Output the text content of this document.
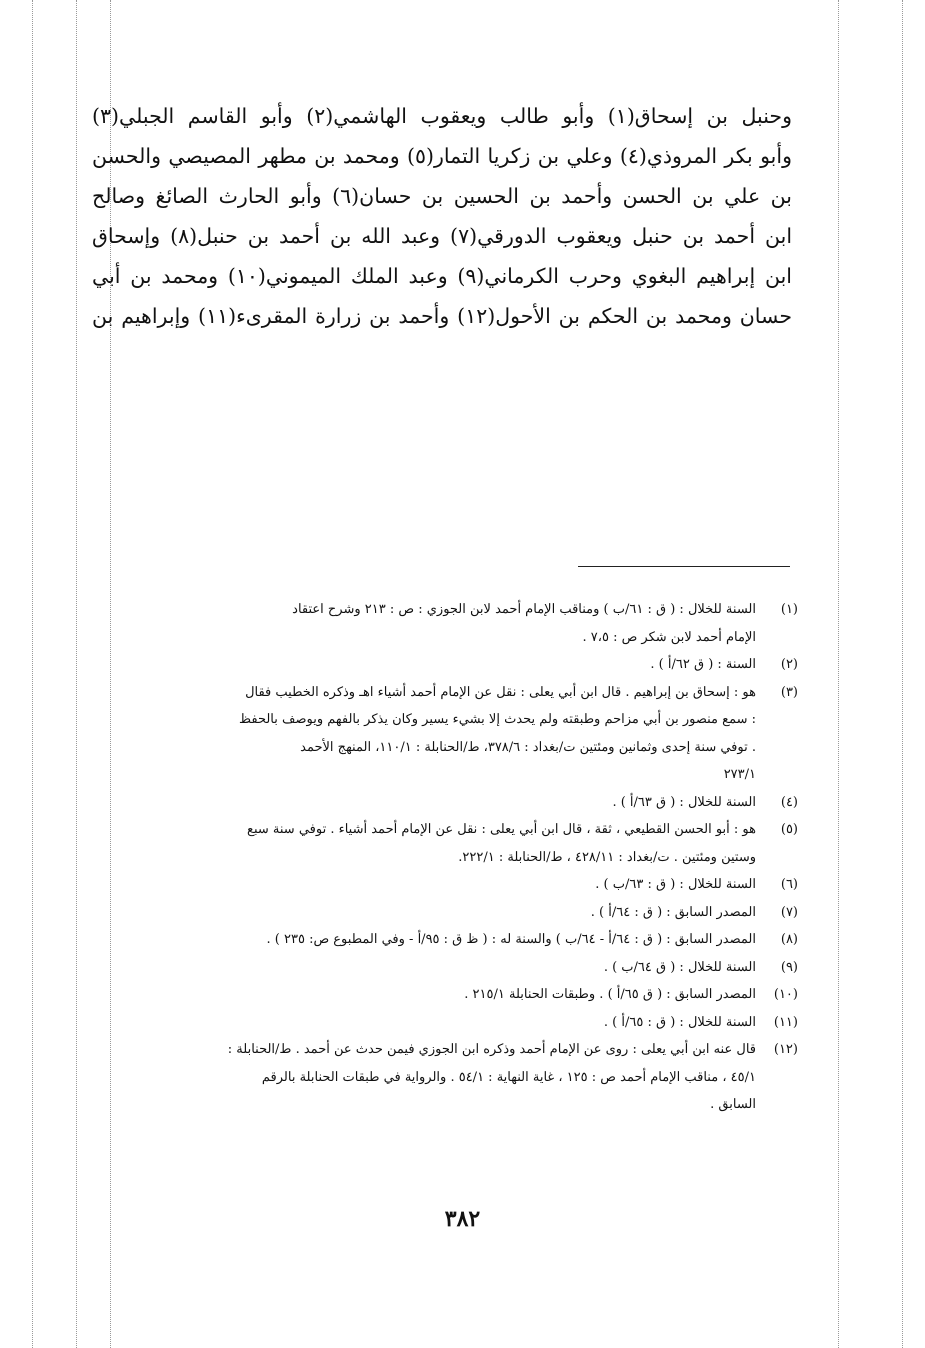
وحنبل بن إسحاق(١) وأبو طالب ويعقوب الهاشمي(٢) وأبو القاسم الجبلي(٣)
وأبو بكر المروذي(٤) وعلي بن زكريا التمار(٥) ومحمد بن مطهر المصيصي والحسن
بن علي بن الحسن وأحمد بن الحسين بن حسان(٦) وأبو الحارث الصائغ وصالح
ابن أحمد بن حنبل ويعقوب الدورقي(٧) وعبد الله بن أحمد بن حنبل(٨) وإسحاق
ابن إبراهيم البغوي وحرب الكرماني(٩) وعبد الملك الميموني(١٠) ومحمد بن أبي
حسان ومحمد بن الحكم بن الأحول(١٢) وأحمد بن زرارة المقرىء(١١) وإبراهيم بن
(١)
السنة للخلال : ( ق : ٦١/ب ) ومناقب الإمام أحمد لابن الجوزي : ص : ٢١٣ وشرح اعتقاد
الإمام أحمد لابن شكر ص : ٧،٥ .
(٢)
السنة : ( ق ٦٢/أ ) .
(٣)
هو : إسحاق بن إبراهيم . قال ابن أبي يعلى : نقل عن الإمام أحمد أشياء اهـ وذكره الخطيب فقال
: سمع منصور بن أبي مزاحم وطبقته ولم يحدث إلا بشيء يسير وكان يذكر بالفهم ويوصف بالحفظ
. توفي سنة إحدى وثمانين ومئتين ت/بغداد : ٣٧٨/٦، ط/الحنابلة : ١١٠/١، المنهج الأحمد
٢٧٣/١
(٤)
السنة للخلال : ( ق ٦٣/أ ) .
(٥)
هو : أبو الحسن القطيعي ، ثقة ، قال ابن أبي يعلى : نقل عن الإمام أحمد أشياء . توفي سنة سبع
وستين ومئتين . ت/بغداد : ٤٢٨/١١ ، ط/الحنابلة : ٢٢٢/١.
(٦)
السنة للخلال : ( ق : ٦٣/ب ) .
(٧)
المصدر السابق : ( ق : ٦٤/أ ) .
(٨)
المصدر السابق : ( ق : ٦٤/أ - ٦٤/ب ) والسنة له : ( ظ ق : ٩٥/أ - وفي المطبوع ص: ٢٣٥ ) .
(٩)
السنة للخلال : ( ق ٦٤/ب ) .
(١٠)
المصدر السابق : ( ق ٦٥/أ ) . وطبقات الحنابلة ٢١٥/١ .
(١١)
السنة للخلال : ( ق : ٦٥/أ ) .
(١٢)
قال عنه ابن أبي يعلى : روى عن الإمام أحمد وذكره ابن الجوزي فيمن حدث عن أحمد . ط/الحنابلة :
٤٥/١ ، مناقب الإمام أحمد ص : ١٢٥ ، غاية النهاية : ٥٤/١ . والرواية في طبقات الحنابلة بالرقم
السابق .
٣٨٢
